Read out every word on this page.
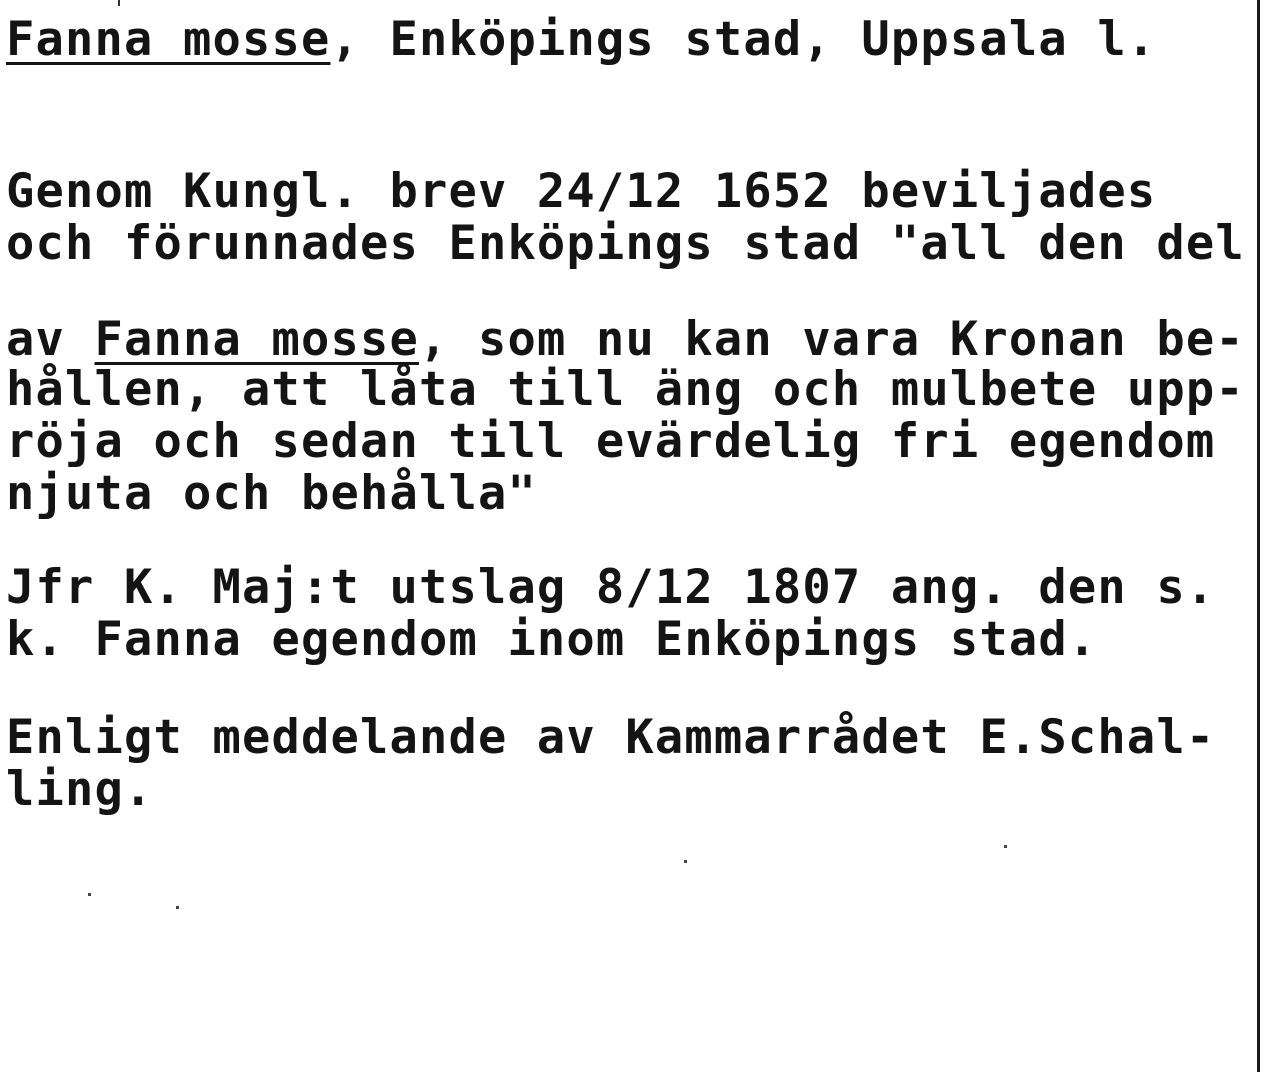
Fanna mosse, Enköpings stad, Uppsala l.
Genom Kungl. brev 24/12 1652 beviljades
och förunnades Enköpings stad "all den del
av Fanna mosse, som nu kan vara Kronan be-
hållen, att låta till äng och mulbete upp-
röja och sedan till evärdelig fri egendom
njuta och behålla"
Jfr K. Maj:t utslag 8/12 1807 ang. den s.
k. Fanna egendom inom Enköpings stad.
Enligt meddelande av Kammarrådet E.Schal-
ling.
